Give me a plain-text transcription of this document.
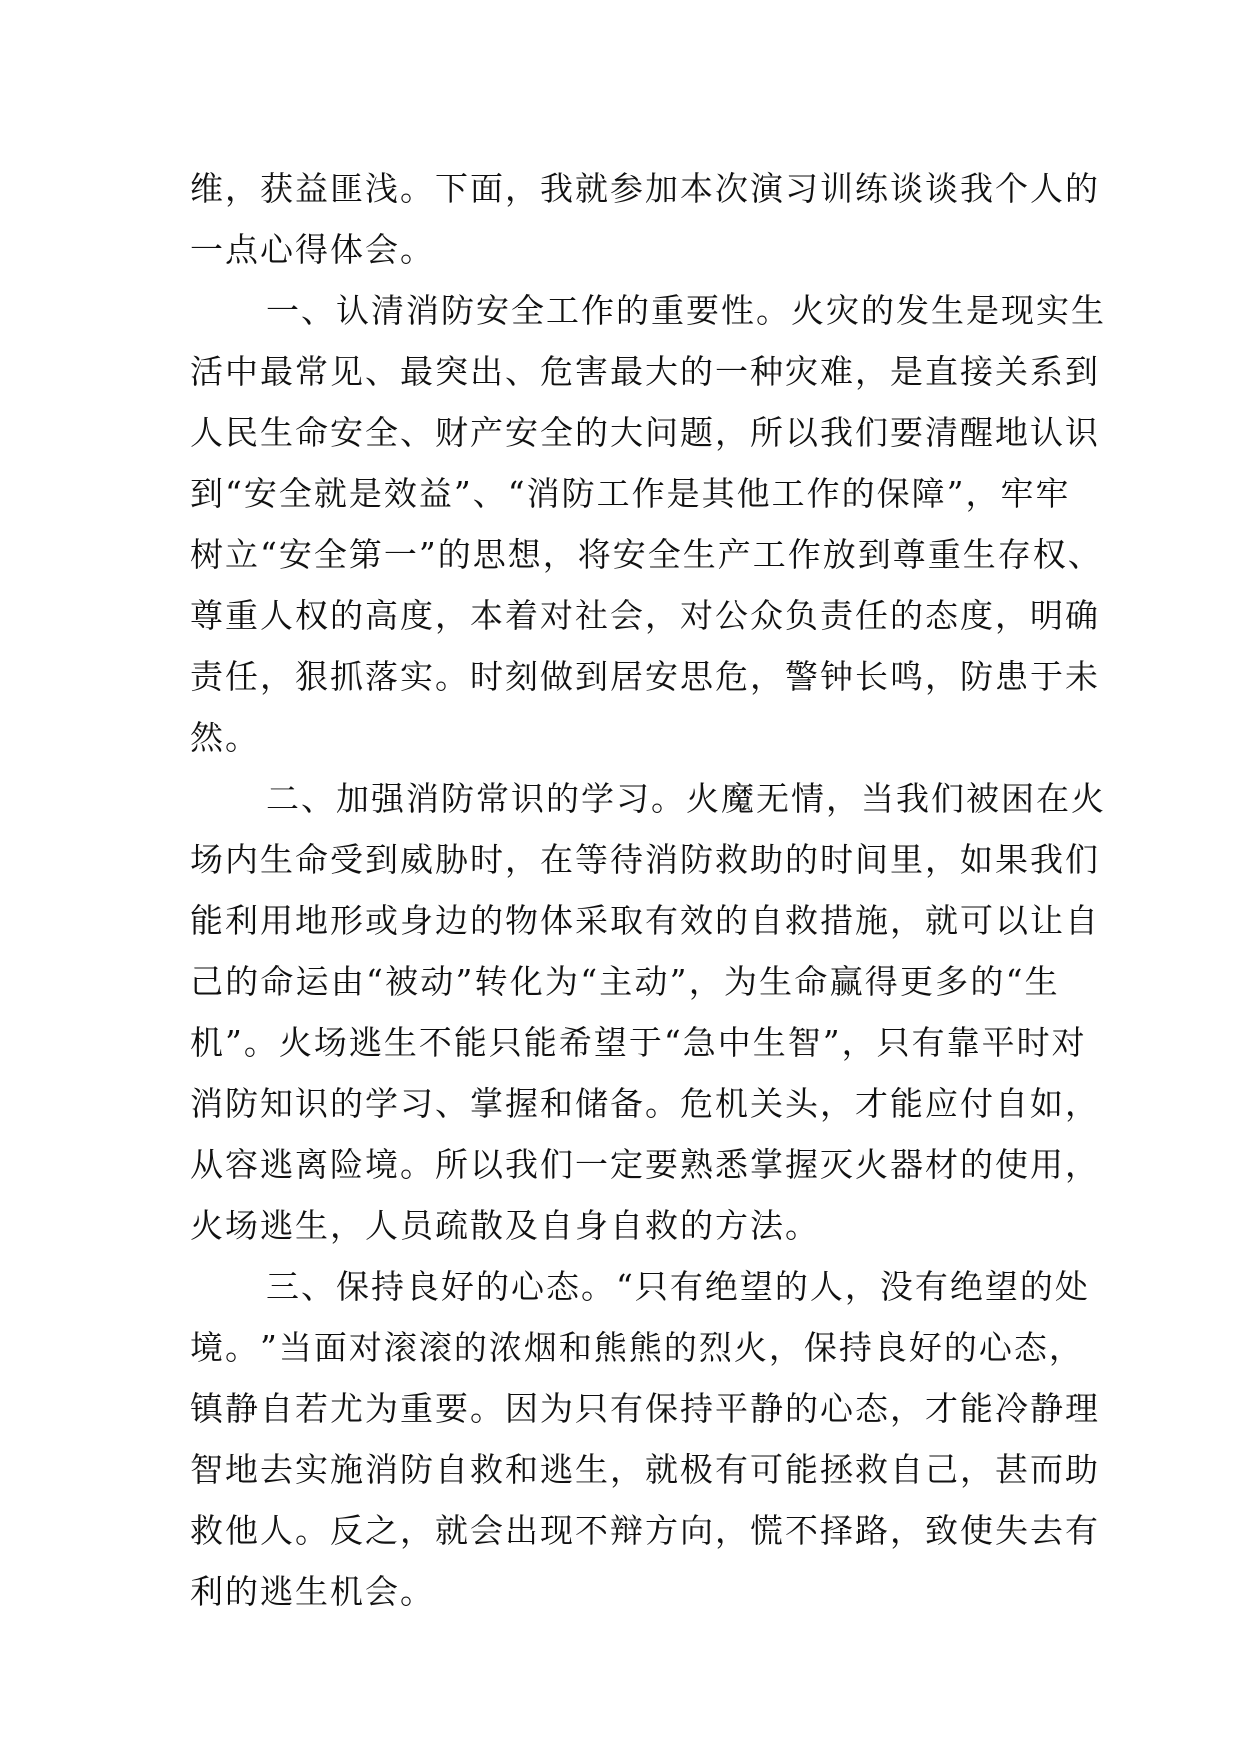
维 ， 获 益 匪 浅 。 下 面 ， 我 就 参 加 本 次 演 习 训 练 谈 谈 我 个 人 的
一点心得体会。
一 、 认 清 消 防 安 全 工 作 的 重 要 性 。 火 灾 的 发 生 是 现 实 生
活 中 最 常 见 、 最 突 出 、 危 害 最 大 的 一 种 灾 难 ， 是 直 接 关 系 到
人 民 生 命 安 全 、 财 产 安 全 的 大 问 题 ， 所 以 我 们 要 清 醒 地 认 识
到 “ 安 全 就 是 效 益 ” 、 “ 消 防 工 作 是 其 他 工 作 的 保 障 ” ， 牢 牢
树 立 “ 安 全 第 一 ” 的 思 想 ， 将 安 全 生 产 工 作 放 到 尊 重 生 存 权 、
尊 重 人 权 的 高 度 ， 本 着 对 社 会 ， 对 公 众 负 责 任 的 态 度 ， 明 确
责 任 ， 狠 抓 落 实 。 时 刻 做 到 居 安 思 危 ， 警 钟 长 鸣 ， 防 患 于 未
然。
二 、 加 强 消 防 常 识 的 学 习 。 火 魔 无 情 ， 当 我 们 被 困 在 火
场 内 生 命 受 到 威 胁 时 ， 在 等 待 消 防 救 助 的 时 间 里 ， 如 果 我 们
能 利 用 地 形 或 身 边 的 物 体 采 取 有 效 的 自 救 措 施 ， 就 可 以 让 自
己 的 命 运 由 “ 被 动 ” 转 化 为 “ 主 动 ” ， 为 生 命 赢 得 更 多 的 “ 生
机 ” 。 火 场 逃 生 不 能 只 能 希 望 于 “ 急 中 生 智 ” ， 只 有 靠 平 时 对
消 防 知 识 的 学 习 、 掌 握 和 储 备 。 危 机 关 头 ， 才 能 应 付 自 如 ，
从 容 逃 离 险 境 。 所 以 我 们 一 定 要 熟 悉 掌 握 灭 火 器 材 的 使 用 ，
火场逃生，人员疏散及自身自救的方法。
三 、 保 持 良 好 的 心 态 。 “ 只 有 绝 望 的 人 ， 没 有 绝 望 的 处
境 。 ” 当 面 对 滚 滚 的 浓 烟 和 熊 熊 的 烈 火 ， 保 持 良 好 的 心 态 ，
镇 静 自 若 尤 为 重 要 。 因 为 只 有 保 持 平 静 的 心 态 ， 才 能 冷 静 理
智 地 去 实 施 消 防 自 救 和 逃 生 ， 就 极 有 可 能 拯 救 自 己 ， 甚 而 助
救 他 人 。 反 之 ， 就 会 出 现 不 辩 方 向 ， 慌 不 择 路 ， 致 使 失 去 有
利的逃生机会。
